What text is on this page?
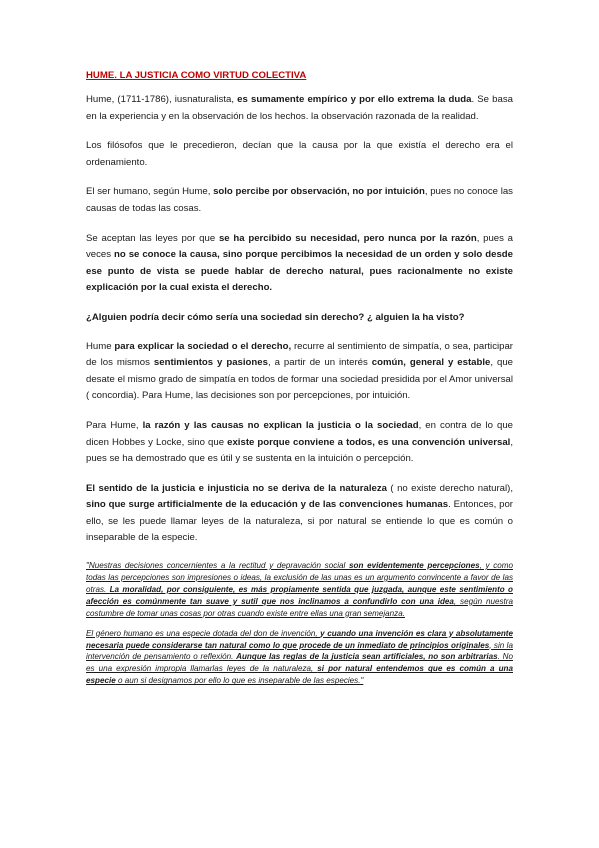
HUME. LA JUSTICIA COMO VIRTUD COLECTIVA
Hume, (1711-1786), iusnaturalista, es sumamente empírico y por ello extrema la duda. Se basa en la experiencia y en la observación de los hechos. la observación razonada de la realidad.
Los filósofos que le precedieron, decían que la causa por la que existía el derecho era el ordenamiento.
El ser humano, según Hume, solo percibe por observación, no por intuición, pues no conoce las causas de todas las cosas.
Se aceptan las leyes por que se ha percibido su necesidad, pero nunca por la razón, pues a veces no se conoce la causa, sino porque percibimos la necesidad de un orden y solo desde ese punto de vista se puede hablar de derecho natural, pues racionalmente no existe explicación por la cual exista el derecho.
¿Alguien podría decir cómo sería una sociedad sin derecho? ¿ alguien la ha visto?
Hume para explicar la sociedad o el derecho, recurre al sentimiento de simpatía, o sea, participar de los mismos sentimientos y pasiones, a partir de un interés común, general y estable, que desate el mismo grado de simpatía en todos de formar una sociedad presidida por el Amor universal ( concordia). Para Hume, las decisiones son por percepciones, por intuición.
Para Hume, la razón y las causas no explican la justicia o la sociedad, en contra de lo que dicen Hobbes y Locke, sino que existe porque conviene a todos, es una convención universal, pues se ha demostrado que es útil y se sustenta en la intuición o percepción.
El sentido de la justicia e injusticia no se deriva de la naturaleza ( no existe derecho natural), sino que surge artificialmente de la educación y de las convenciones humanas. Entonces, por ello, se les puede llamar leyes de la naturaleza, si por natural se entiende lo que es común o inseparable de la especie.
"Nuestras decisiones concernientes a la rectitud y depravación social son evidentemente percepciones, y como todas las percepciones son impresiones o ideas, la exclusión de las unas es un argumento convincente a favor de las otras. La moralidad, por consiguiente, es más propiamente sentida que juzgada, aunque este sentimiento o afección es comúnmente tan suave y sutil que nos inclinamos a confundirlo con una idea, según nuestra costumbre de tomar unas cosas por otras cuando existe entre ellas una gran semejanza.
El género humano es una especie dotada del don de invención, y cuando una invención es clara y absolutamente necesaria puede considerarse tan natural como lo que procede de un inmediato de principios originales, sin la intervención de pensamiento o reflexión. Aunque las reglas de la justicia sean artificiales, no son arbitrarias. No es una expresión impropia llamarlas leyes de la naturaleza, si por natural entendemos que es común a una especie o aun si designamos por ello lo que es inseparable de las especies."
